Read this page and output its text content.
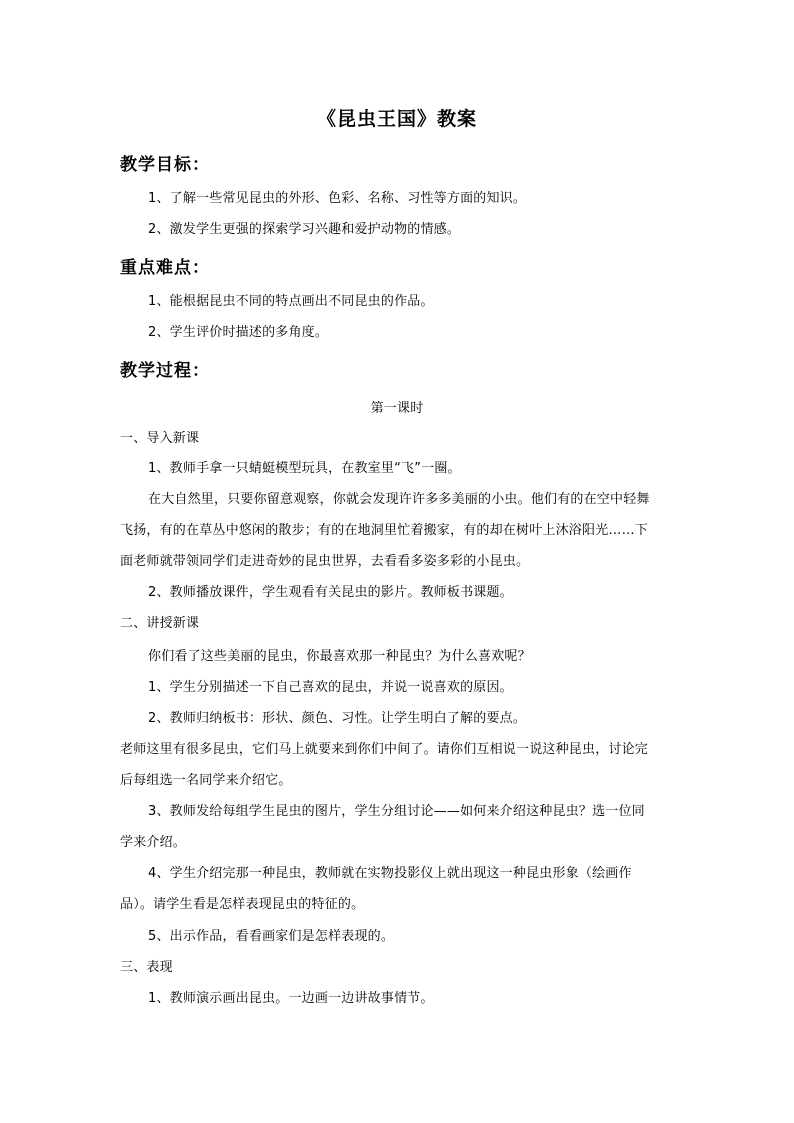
《昆虫王国》教案
教学目标：
1、了解一些常见昆虫的外形、色彩、名称、习性等方面的知识。
2、激发学生更强的探索学习兴趣和爱护动物的情感。
重点难点：
1、能根据昆虫不同的特点画出不同昆虫的作品。
2、学生评价时描述的多角度。
教学过程：
第一课时
一、导入新课
1、教师手拿一只蜻蜓模型玩具，在教室里“飞”一圈。
在大自然里，只要你留意观察，你就会发现许许多多美丽的小虫。他们有的在空中轻舞
飞扬，有的在草丛中悠闲的散步；有的在地洞里忙着搬家，有的却在树叶上沐浴阳光……下
面老师就带领同学们走进奇妙的昆虫世界，去看看多姿多彩的小昆虫。
2、教师播放课件，学生观看有关昆虫的影片。教师板书课题。
二、讲授新课
你们看了这些美丽的昆虫，你最喜欢那一种昆虫？为什么喜欢呢？
1、学生分别描述一下自己喜欢的昆虫，并说一说喜欢的原因。
2、教师归纳板书：形状、颜色、习性。让学生明白了解的要点。
老师这里有很多昆虫，它们马上就要来到你们中间了。请你们互相说一说这种昆虫，讨论完
后每组选一名同学来介绍它。
3、教师发给每组学生昆虫的图片，学生分组讨论——如何来介绍这种昆虫？选一位同
学来介绍。
4、学生介绍完那一种昆虫，教师就在实物投影仪上就出现这一种昆虫形象（绘画作
品）。请学生看是怎样表现昆虫的特征的。
5、出示作品，看看画家们是怎样表现的。
三、表现
1、教师演示画出昆虫。一边画一边讲故事情节。
